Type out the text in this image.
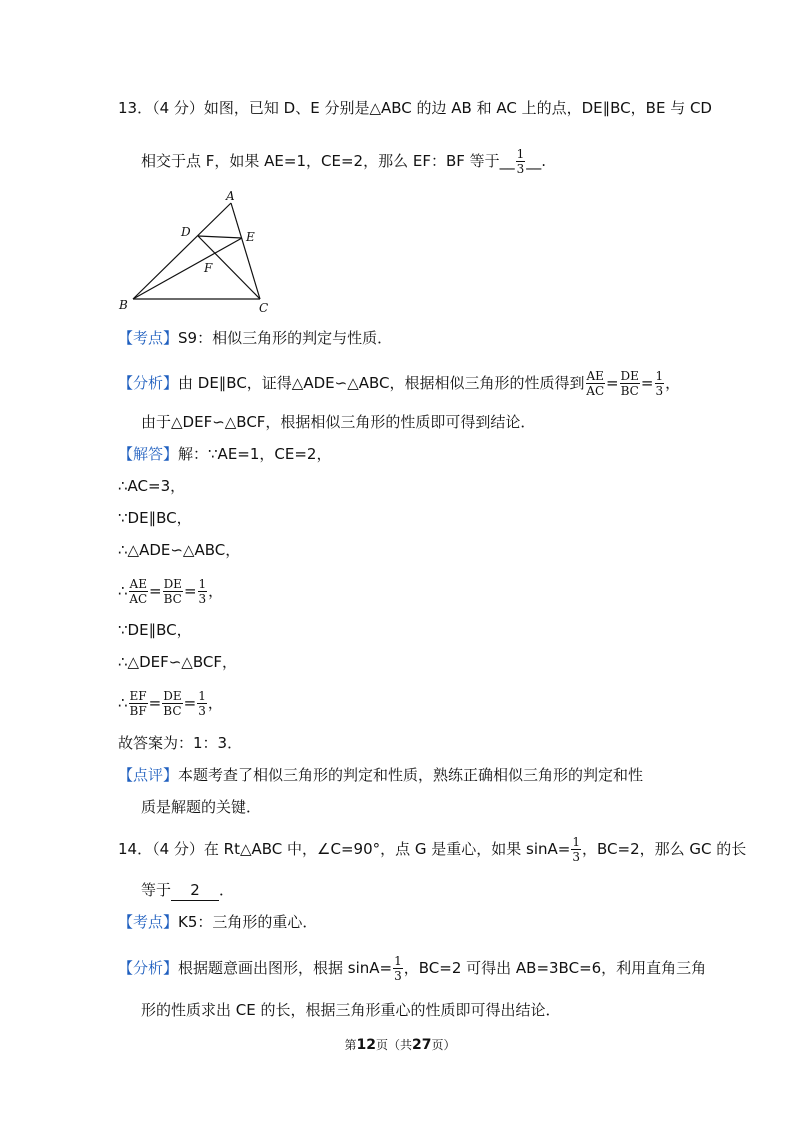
13．（4 分）如图，已知 D、E 分别是△ABC 的边 AB 和 AC 上的点，DE∥BC，BE 与 CD
相交于点 F，如果 AE=1，CE=2，那么 EF：BF 等于__ $\frac{1}{3}$ __.
A
D	E
F
B	C
【考点】S9：相似三角形的判定与性质．
【分析】由 DE∥BC，证得△ADE∽△ABC，根据相似三角形的性质得到 $\frac{AE}{AC} = \frac{DE}{BC} = \frac{1}{3}$ ，
由于△DEF∽△BCF，根据相似三角形的性质即可得到结论．
【解答】解：∵AE=1，CE=2，
∴AC=3，
∵DE∥BC，
∴△ADE∽△ABC，
∴ $\frac{AE}{AC} = \frac{DE}{BC} = \frac{1}{3}$ ，
∵DE∥BC，
∴△DEF∽△BCF，
∴ $\frac{EF}{BF} = \frac{DE}{BC} = \frac{1}{3}$ ，
故答案为：1：3．
【点评】本题考查了相似三角形的判定和性质，熟练正确相似三角形的判定和性
质是解题的关键．
14．（4 分）在 Rt△ABC 中，∠C=90°，点 G 是重心，如果 $\sin A= \frac{1}{3}$ ，BC=2，那么 GC 的长
等于 2 ．
【考点】K5：三角形的重心．
【分析】根据题意画出图形，根据 $\sin A= \frac{1}{3}$ ，BC=2 可得出 AB=3BC=6，利用直角三角
形的性质求出 CE 的长，根据三角形重心的性质即可得出结论．
第12页（共27页）
